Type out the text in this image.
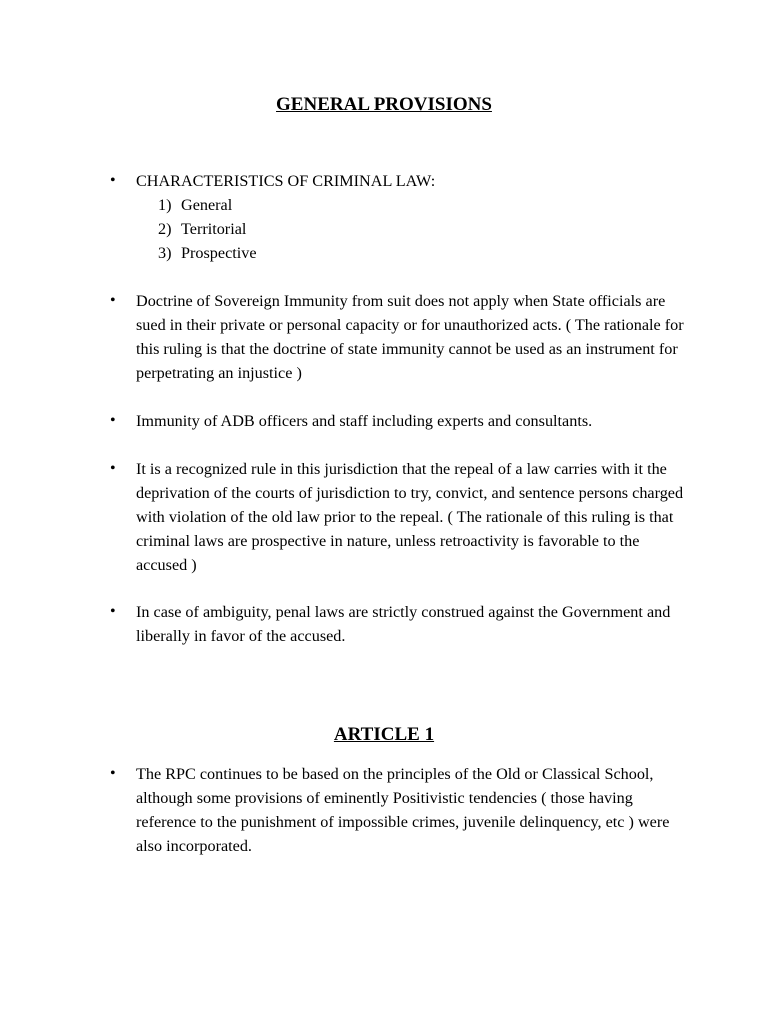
GENERAL PROVISIONS
•	CHARACTERISTICS OF CRIMINAL LAW:
1) General
2) Territorial
3) Prospective
•	Doctrine of Sovereign Immunity from suit does not apply when State officials are sued in their private or personal capacity or for unauthorized acts. ( The rationale for this ruling is that the doctrine of state immunity cannot be used as an instrument for perpetrating an injustice )
•	Immunity of ADB officers and staff including experts and consultants.
•	It is a recognized rule in this jurisdiction that the repeal of a law carries with it the deprivation of the courts of jurisdiction to try, convict, and sentence persons charged with violation of the old law prior to the repeal. ( The rationale of this ruling is that criminal laws are prospective in nature, unless retroactivity is favorable to the accused )
•	In case of ambiguity, penal laws are strictly construed against the Government and liberally in favor of the accused.
ARTICLE 1
•	The RPC continues to be based on the principles of the Old or Classical School, although some provisions of eminently Positivistic tendencies ( those having reference to the punishment of impossible crimes, juvenile delinquency, etc ) were also incorporated.
